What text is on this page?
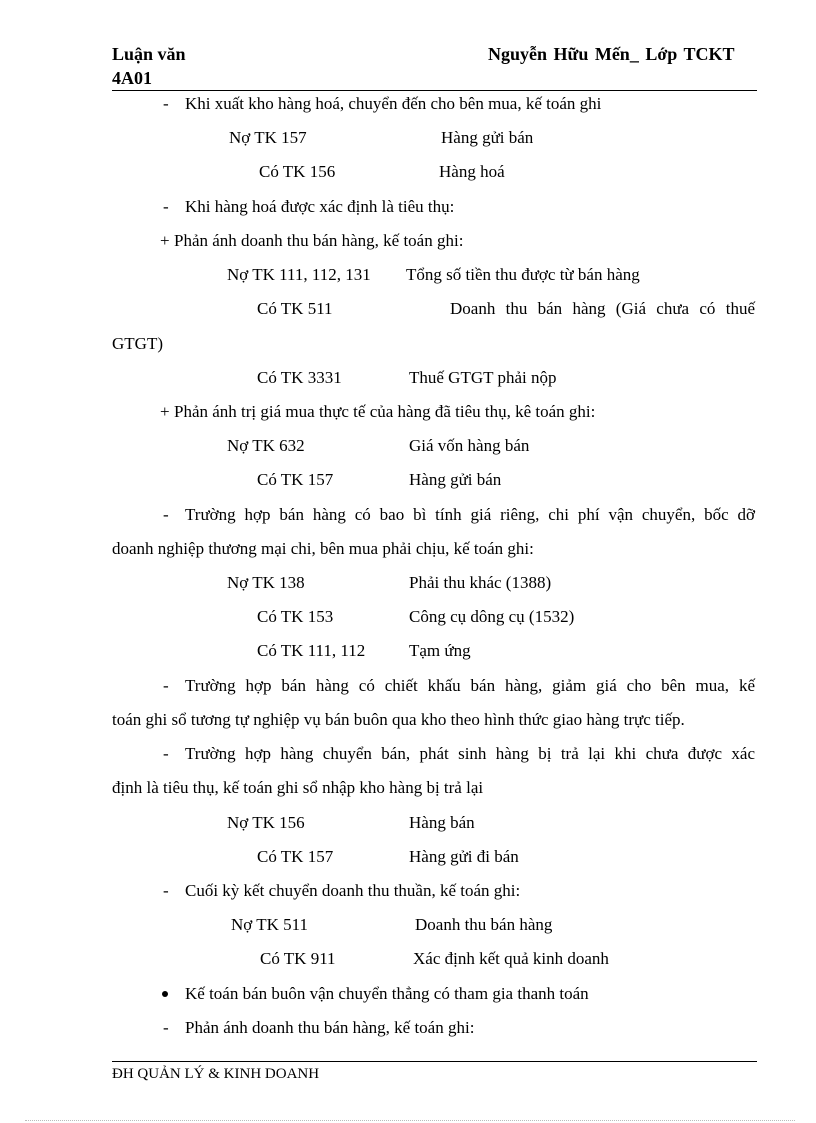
Luận văn
4A01
Nguyễn Hữu Mến_ Lớp TCKT
- Khi xuất kho hàng hoá, chuyển đến cho bên mua, kế toán ghi
Nợ TK 157	Hàng gửi bán
Có TK 156	Hàng hoá
- Khi hàng hoá được xác định là tiêu thụ:
+ Phản ánh doanh thu bán hàng, kế toán ghi:
Nợ TK 111, 112, 131 Tổng số tiền thu được từ bán hàng
Có TK 511	Doanh thu bán hàng (Giá chưa có thuế
GTGT)
Có TK 3331	Thuế GTGT phải nộp
+ Phản ánh trị giá mua thực tế của hàng đã tiêu thụ, kê toán ghi:
Nợ TK 632	Giá vốn hàng bán
Có TK 157	Hàng gửi bán
- Trường hợp bán hàng có bao bì tính giá riêng, chi phí vận chuyển, bốc dỡ
doanh nghiệp thương mại chi, bên mua phải chịu, kế toán ghi:
Nợ TK 138	Phải thu khác (1388)
Có TK 153	Công cụ dông cụ (1532)
Có TK 111, 112	Tạm ứng
- Trường hợp bán hàng có chiết khấu bán hàng, giảm giá cho bên mua, kế
toán ghi sổ tương tự nghiệp vụ bán buôn qua kho theo hình thức giao hàng trực tiếp.
- Trường hợp hàng chuyển bán, phát sinh hàng bị trả lại khi chưa được xác
định là tiêu thụ, kế toán ghi sổ nhập kho hàng bị trả lại
Nợ TK 156	Hàng bán
Có TK 157	Hàng gửi đi bán
- Cuối kỳ kết chuyển doanh thu thuần, kế toán ghi:
Nợ TK 511	Doanh thu bán hàng
Có TK 911	Xác định kết quả kinh doanh
Kế toán bán buôn vận chuyển thẳng có tham gia thanh toán
- Phản ánh doanh thu bán hàng, kế toán ghi:
ĐH QUẢN LÝ & KINH DOANH
